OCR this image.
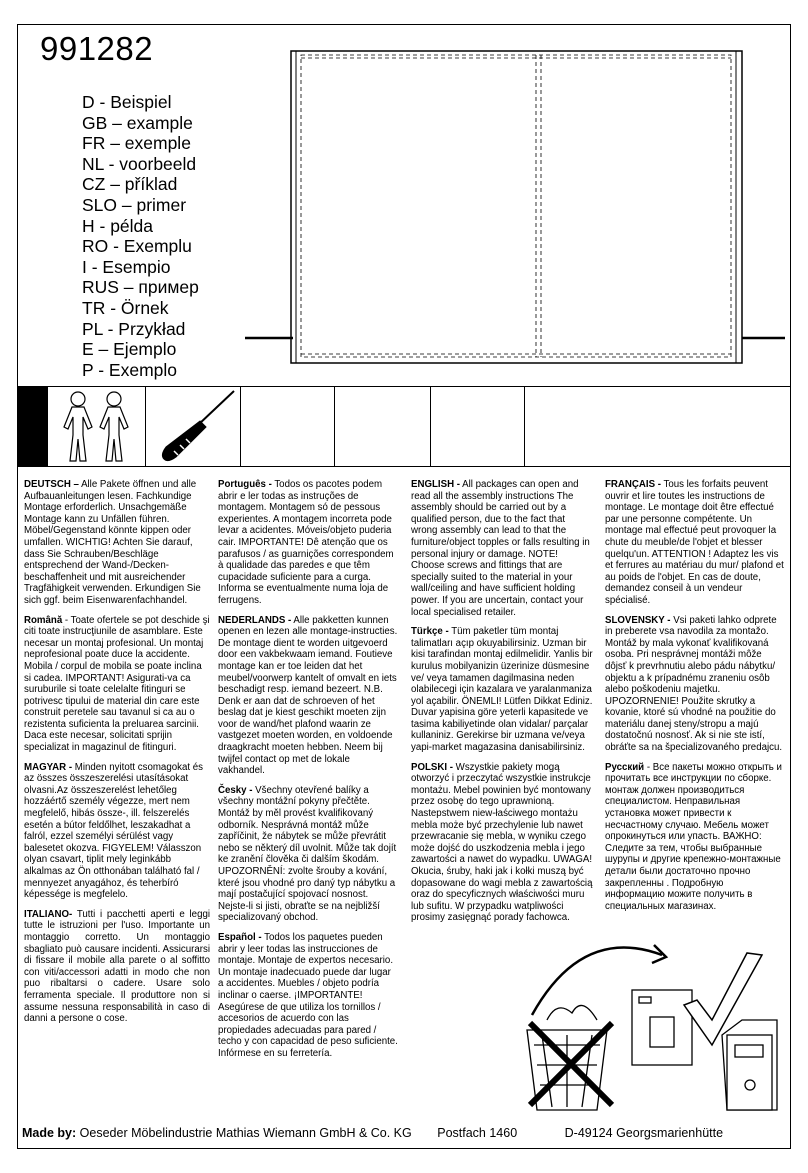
991282
D - Beispiel
GB – example
FR – exemple
NL - voorbeeld
CZ – příklad
SLO – primer
H - példa
RO - Exemplu
I - Esempio
RUS – пример
TR - Örnek
PL - Przykład
E – Ejemplo
P - Exemplo

DEUTSCH – Alle Pakete öffnen und alle Aufbauanleitungen lesen. Fachkundige Montage erforderlich. Unsachgemäße Montage kann zu Unfällen führen. Möbel/Gegenstand könnte kippen oder umfallen. WICHTIG! Achten Sie darauf, dass Sie Schrauben/Beschläge entsprechend der Wand-/Decken-beschaffenheit und mit ausreichender Tragfähigkeit verwenden. Erkundigen Sie sich ggf. beim Eisenwarenfachhandel.

Română - Toate ofertele se pot deschide şi citi toate instrucţiunile de asamblare. Este necesar un montaj profesional. Un montaj neprofesional poate duce la accidente. Mobila / corpul de mobila se poate inclina si cadea. IMPORTANT! Asigurati-va ca suruburile si toate celelalte fitinguri se potrivesc tipului de material din care este construit peretele sau tavanul si ca au o rezistenta suficienta la preluarea sarcinii. Daca este necesar, solicitati sprijin specializat in magazinul de fitinguri.

MAGYAR - Minden nyitott csomagokat és az összes összeszerelési utasításokat olvasni.Az összeszerelést lehetőleg hozzáértő személy végezze, mert nem megfelelő, hibás össze-, ill. felszerelés esetén a bútor feldőlhet, leszakadhat a falról, ezzel személyi sérülést vagy balesetet okozva. FIGYELEM! Válasszon olyan csavart, tiplit mely leginkább alkalmas az Ön otthonában található fal / mennyezet anyagához, és teherbíró képessége is megfelelo.

ITALIANO- Tutti i pacchetti aperti e leggi tutte le istruzioni per l'uso. Importante un montaggio corretto. Un montaggio sbagliato può causare incidenti. Assicurarsi di fissare il mobile alla parete o al soffitto con viti/accessori adatti in modo che non puo ribaltarsi o cadere. Usare solo ferramenta speciale. Il produttore non si assume nessuna responsabilità in caso di danni a persone o cose.

Português - Todos os pacotes podem abrir e ler todas as instruções de montagem. Montagem só de pessous experientes. A montagem incorreta pode levar a acidentes. Móveis/objeto puderia cair. IMPORTANTE! Dê atenção que os parafusos / as guarnições correspondem à qualidade das paredes e que têm cupacidade suficiente para a curga. Informa se eventualmente numa loja de ferrugens.

NEDERLANDS - Alle pakketten kunnen openen en lezen alle montage-instructies. De montage dient te worden uitgevoerd door een vakbekwaam iemand. Foutieve montage kan er toe leiden dat het meubel/voorwerp kantelt of omvalt en iets beschadigt resp. iemand bezeert. N.B. Denk er aan dat de schroeven of het beslag dat je kiest geschikt moeten zijn voor de wand/het plafond waarin ze vastgezet moeten worden, en voldoende draagkracht moeten hebben. Neem bij twijfel contact op met de lokale vakhandel.

Česky - Všechny otevřené balíky a všechny montážní pokyny přečtěte. Montáž by měl provést kvalifikovaný odborník. Nesprávná montáž může zapříčinit, že nábytek se může převrátit nebo se některý díl uvolnit. Může tak dojít ke zranění člověka či dalším škodám. UPOZORNĚNÍ: zvolte šrouby a kování, které jsou vhodné pro daný typ nábytku a mají postačující spojovací nosnost. Nejste-li si jisti, obraťte se na nejbližší specializovaný obchod.

Español - Todos los paquetes pueden abrir y leer todas las instrucciones de montaje. Montaje de expertos necesario. Un montaje inadecuado puede dar lugar a accidentes. Muebles / objeto podría inclinar o caerse. ¡IMPORTANTE! Asegúrese de que utiliza los tornillos / accesorios de acuerdo con las propiedades adecuadas para pared / techo y con capacidad de peso suficiente. Infórmese en su ferretería.

ENGLISH - All packages can open and read all the assembly instructions The assembly should be carried out by a qualified person, due to the fact that wrong assembly can lead to that the furniture/object topples or falls resulting in personal injury or damage. NOTE! Choose screws and fittings that are specially suited to the material in your wall/ceiling and have sufficient holding power. If you are uncertain, contact your local specialised retailer.

Türkçe - Tüm paketler tüm montaj talimatları açıp okuyabilirsiniz. Uzman bir kisi tarafindan montaj edilmelidir. Yanlis bir kurulus mobilyanizin üzerinize düsmesine ve/ veya tamamen dagilmasina neden olabilecegi için kazalara ve yaralanmaniza yol açabilir. ÖNEMLI! Lütfen Dikkat Ediniz. Duvar yapisina göre yeterli kapasitede ve tasima kabiliyetinde olan vidalar/ parçalar kullaniniz. Gerekirse bir uzmana ve/veya yapi-market magazasina danisabilirsiniz.

POLSKI - Wszystkie pakiety mogą otworzyć i przeczytać wszystkie instrukcje montażu. Mebel powinien być montowany przez osobę do tego uprawnioną. Nastepstwem niew-łaściwego montażu mebla może być przechylenie lub nawet przewracanie się mebla, w wyniku czego może dojść do uszkodzenia mebla i jego zawartości a nawet do wypadku. UWAGA! Okucia, śruby, haki jak i kołki muszą być dopasowane do wagi mebla z zawartością oraz do specyficznych właściwości muru lub sufitu. W przypadku watpliwości prosimy zasięgnąć porady fachowca.

FRANÇAIS - Tous les forfaits peuvent ouvrir et lire toutes les instructions de montage. Le montage doit être effectué par une personne compétente. Un montage mal effectué peut provoquer la chute du meuble/de l'objet et blesser quelqu'un. ATTENTION ! Adaptez les vis et ferrures au matériau du mur/ plafond et au poids de l'objet. En cas de doute, demandez conseil à un vendeur spécialisé.

SLOVENSKY - Vsi paketi lahko odprete in preberete vsa navodila za montažo. Montáž by mala vykonať kvalifikovaná osoba. Pri nesprávnej montáži môže dôjsť k prevrhnutiu alebo pádu nábytku/ objektu a k prípadnému zraneniu osôb alebo poškodeniu majetku. UPOZORNENIE! Použite skrutky a kovanie, ktoré sú vhodné na použitie do materiálu danej steny/stropu a majú dostatočnú nosnosť. Ak si nie ste istí, obráťte sa na špecializovaného predajcu.

Русский - Все пакеты можно открыть и прочитать все инструкции по сборке. монтаж должен производиться специалистом. Неправильная установка может привести к несчастному случаю. Мебель может опрокинуться или упасть. ВАЖНО: Следите за тем, чтобы выбранные шурупы и другие крепежно-монтажные детали были достаточно прочно закрепленны . Подробную информацию можите получить в специальных магазинах.

Made by: Oeseder Möbelindustrie Mathias Wiemann GmbH & Co. KG Postfach 1460	D-49124 Georgsmarienhütte
